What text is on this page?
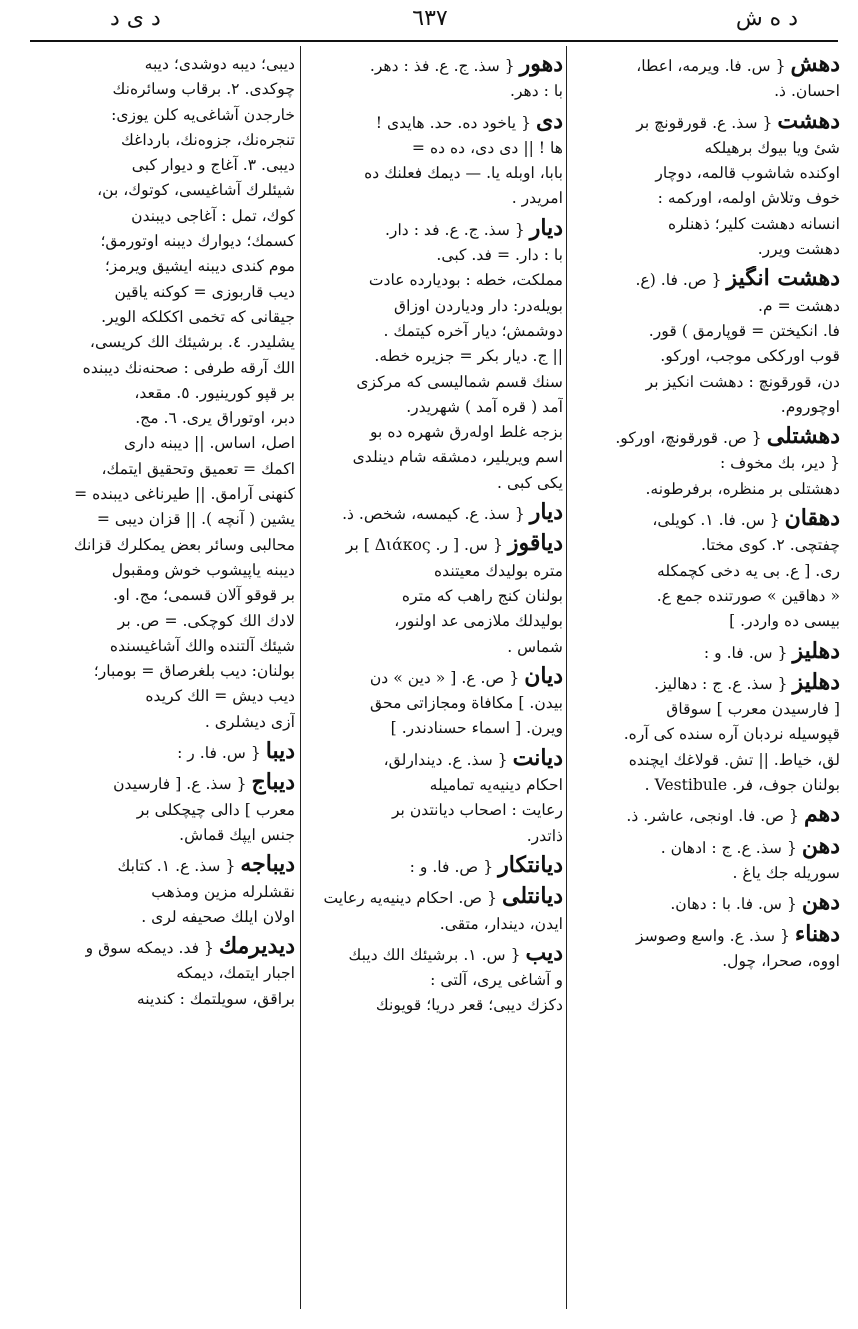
د ه ش
٦٣٧
د ی د
دهش { س. فا. ویرمه، اعطا،
احسان. ذ.
دهشت { سذ. ع. قورقونچ بر
شیٔ ویا بیوك برهیلکه
اوکنده شاشوب قالمه، دوچار
خوف وتلاش اولمه، اورکمه :
انسانه دهشت کلیر؛ ذهنلره
دهشت ویرر.
دهشت انگیز { ص. فا. (ع.
دهشت = م.
فا. انکیختن = قوپارمق ) قور.
قوب اورککی موجب، اورکو.
دن، قورقونچ : دهشت انکیز بر
اوچوروم.
دهشتلی { ص. قورقونچ، اورکو.
{ دیر، بك مخوف :
دهشتلی بر منظره، برفرطونه.
دهقان { س. فا. ١. کویلی،
چفتچی. ٢. کوی مختا.
ری. [ ع. بی یه دخی کچمکله
« دهاقین » صورتنده جمع ع.
بیسی ده واردر. ]
دهلیز { س. فا. و :
دهلیز { سذ. ع. ج : دهالیز.
[ فارسیدن معرب ] سوقاق
قپوسیله نردبان آره سنده کی آره‌.
لق، خیاط. || تش. قولاغك ایچنده
بولنان جوف، فر. Vestibule .
دهم { ص. فا. اونجی، عاشر. ذ.
دهن { سذ. ع. ج : ادهان .
سوریله جك یاغ .
دهن { س. فا. با : دهان.
دهناء { سذ. ع. واسع وصوسز
اووه، صحرا، چول.
دهور { سذ. ج. ع. فذ : دهر.
با : دهر.
دی { یاخود ده. حد. هایدی !
ها ! || دی دی، ده ده =
بابا، اوبله یا. — دیمك فعلنك ده
امریدر .
دیار { سذ. ج. ع. فد : دار.
با : دار. = فد. کبی.
مملکت، خطه : بودیارده عادت
بویله‌در: دار ودیاردن اوزاق
دوشمش؛ دیار آخره کیتمك .
|| ج. دیار بکر = جزیره خطه.
سنك قسم شمالیسی که مرکزی
آمد ( قره آمد ) شهریدر.
بزجه غلط اوله‌رق شهره ده بو
اسم ویریلیر، دمشقه شام دینلدی
یکی کبی .
دیار { سذ. ع. کیمسه، شخص. ذ.
دیاقوز { س. [ ر. Διάκος ] بر
متره بولیدك معیتنده
بولنان کنج راهب که متره
بولیدلك ملازمی عد اولنور،
شماس .
دیان { ص. ع. [ « دین » دن
بیدن. ] مکافاة ومجازاتی محق
ویرن. [ اسماء حسنادندر. ]
دیانت { سذ. ع. دیندارلق،
احکام دینیه‌یه تمامیله
رعایت : اصحاب دیانتدن بر
ذاتدر.
دیانتکار { ص. فا. و :
دیانتلی { ص. احکام دینیه‌یه رعایت
ایدن، دیندار، متقی.
دیب { س. ١. برشیئك الك دیبك
و آشاغی یری، آلتی :
دکزك دیبی؛ قعر دریا؛ قویونك
دیبی؛ دیبه دوشدی؛ دیبه
چوکدی. ٢. برقاب وسائره‌نك
خارجدن آشاغی‌یه کلن یوزی:
تنجره‌نك، جزوه‌نك، بارداغك
دیبی. ٣. آغاج و دیوار کبی
شیئلرك آشاغیسی، کوتوك، بن،
کوك، تمل : آغاجی دیبندن
کسمك؛ دیوارك دیبنه اوتورمق؛
موم کندی دیبنه ایشیق ویرمز؛
دیب قاربوزی = کوکنه یاقین
جیقانی که تخمی اککلکه الویر.
یشلیدر. ٤. برشیئك الك کریسی،
الك آرقه طرفی : صحنه‌نك دیبنده
بر قپو کورینیور. ٥. مقعد،
دبر، اوتوراق یری. ٦. مج.
اصل، اساس. || دیبنه داری
اکمك = تعمیق وتحقیق ایتمك،
کنهنی آرامق. || طیرناغی دیبنده =
یشین ( آنچه ). || قزان دیبی =
محالبی وسائر بعض یمکلرك قزانك
دیبنه یاپیشوب خوش ومقبول
بر قوقو آلان قسمی؛ مج. او.
لادك الك کوچکی. = ص. بر
شیئك آلتنده والك آشاغیسنده
بولنان: دیب بلغرصاق = بومبار؛
دیب دیش = الك کریده
آزی دیشلری .
دیبا { س. فا. ر :
دیباج { سذ. ع. [ فارسیدن
معرب ] دالی چیچکلی بر
جنس ایپك قماش.
دیباجه { سذ. ع. ١. کتابك
نقشلرله مزین ومذهب
اولان ایلك صحیفه لری .
دیدیرمك { فد. دیمکه سوق و
اجبار ایتمك، دیمکه
براقق، سویلتمك : کندینه
